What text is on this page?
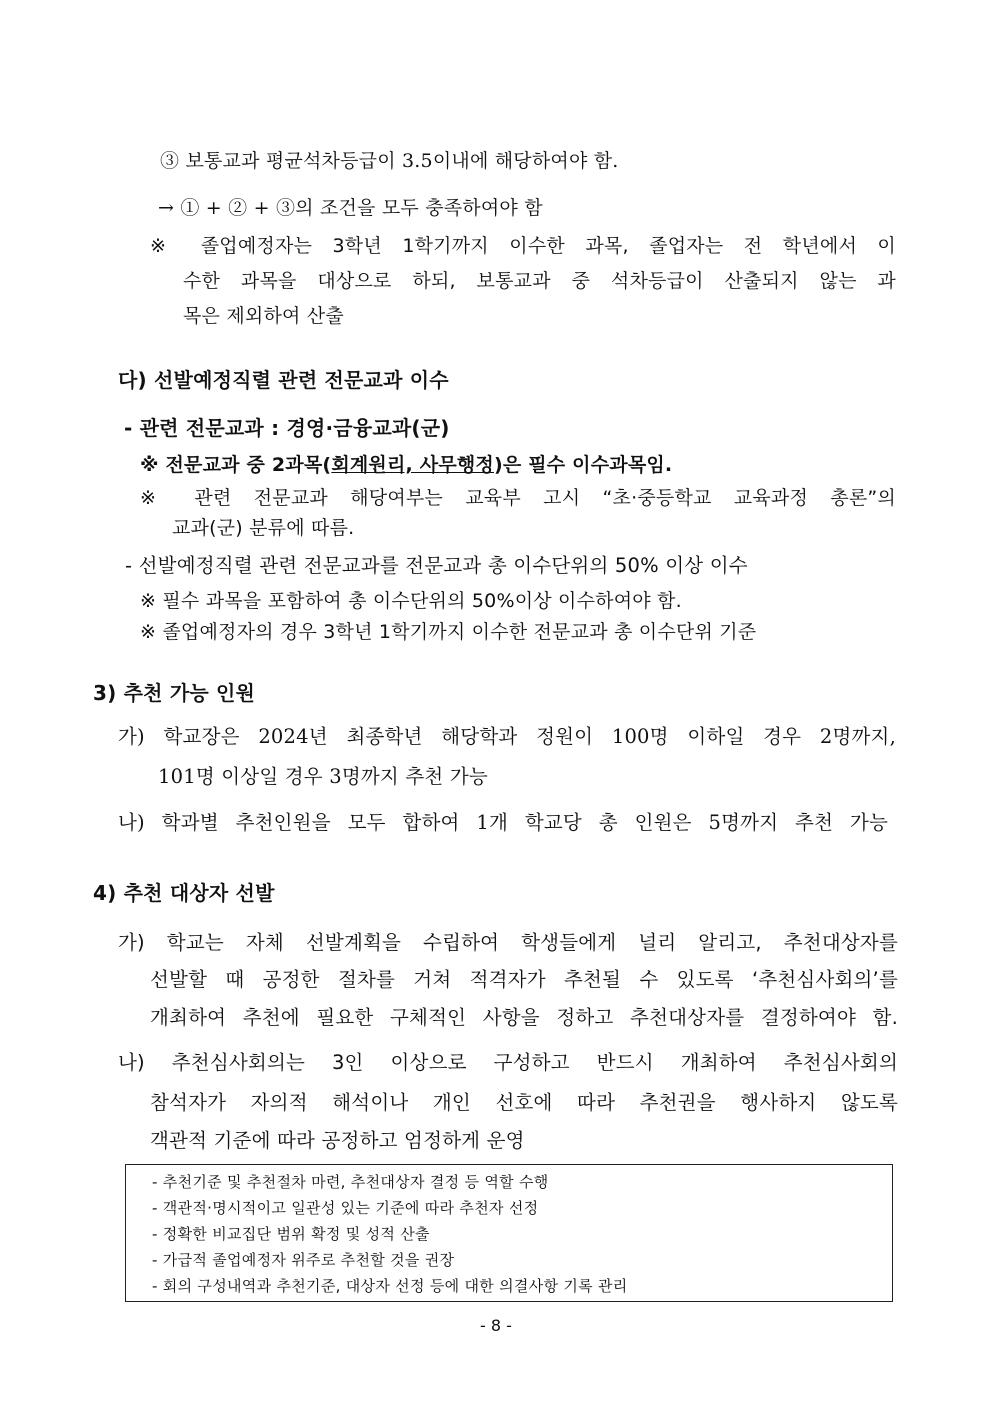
③ 보통교과 평균석차등급이 3.5이내에 해당하여야 함.
→ ① + ② + ③의 조건을 모두 충족하여야 함
※ 졸업예정자는 3학년 1학기까지 이수한 과목, 졸업자는 전 학년에서 이
수한 과목을 대상으로 하되, 보통교과 중 석차등급이 산출되지 않는 과
목은 제외하여 산출
다) 선발예정직렬 관련 전문교과 이수
- 관련 전문교과 : 경영·금융교과(군)
※ 전문교과 중 2과목(회계원리, 사무행정)은 필수 이수과목임.
※ 관련 전문교과 해당여부는 교육부 고시 “초·중등학교 교육과정 총론”의
교과(군) 분류에 따름.
- 선발예정직렬 관련 전문교과를 전문교과 총 이수단위의 50% 이상 이수
※ 필수 과목을 포함하여 총 이수단위의 50%이상 이수하여야 함.
※ 졸업예정자의 경우 3학년 1학기까지 이수한 전문교과 총 이수단위 기준
3) 추천 가능 인원
가) 학교장은 2024년 최종학년 해당학과 정원이 100명 이하일 경우 2명까지,
101명 이상일 경우 3명까지 추천 가능
나) 학과별 추천인원을 모두 합하여 1개 학교당 총 인원은 5명까지 추천 가능
4) 추천 대상자 선발
가) 학교는 자체 선발계획을 수립하여 학생들에게 널리 알리고, 추천대상자를
선발할 때 공정한 절차를 거쳐 적격자가 추천될 수 있도록 ‘추천심사회의’를
개최하여 추천에 필요한 구체적인 사항을 정하고 추천대상자를 결정하여야 함.
나) 추천심사회의는 3인 이상으로 구성하고 반드시 개최하여 추천심사회의
참석자가 자의적 해석이나 개인 선호에 따라 추천권을 행사하지 않도록
객관적 기준에 따라 공정하고 엄정하게 운영
- 추천기준 및 추천절차 마련, 추천대상자 결정 등 역할 수행
- 객관적·명시적이고 일관성 있는 기준에 따라 추천자 선정
- 정확한 비교집단 범위 확정 및 성적 산출
- 가급적 졸업예정자 위주로 추천할 것을 권장
- 회의 구성내역과 추천기준, 대상자 선정 등에 대한 의결사항 기록 관리
- 8 -
